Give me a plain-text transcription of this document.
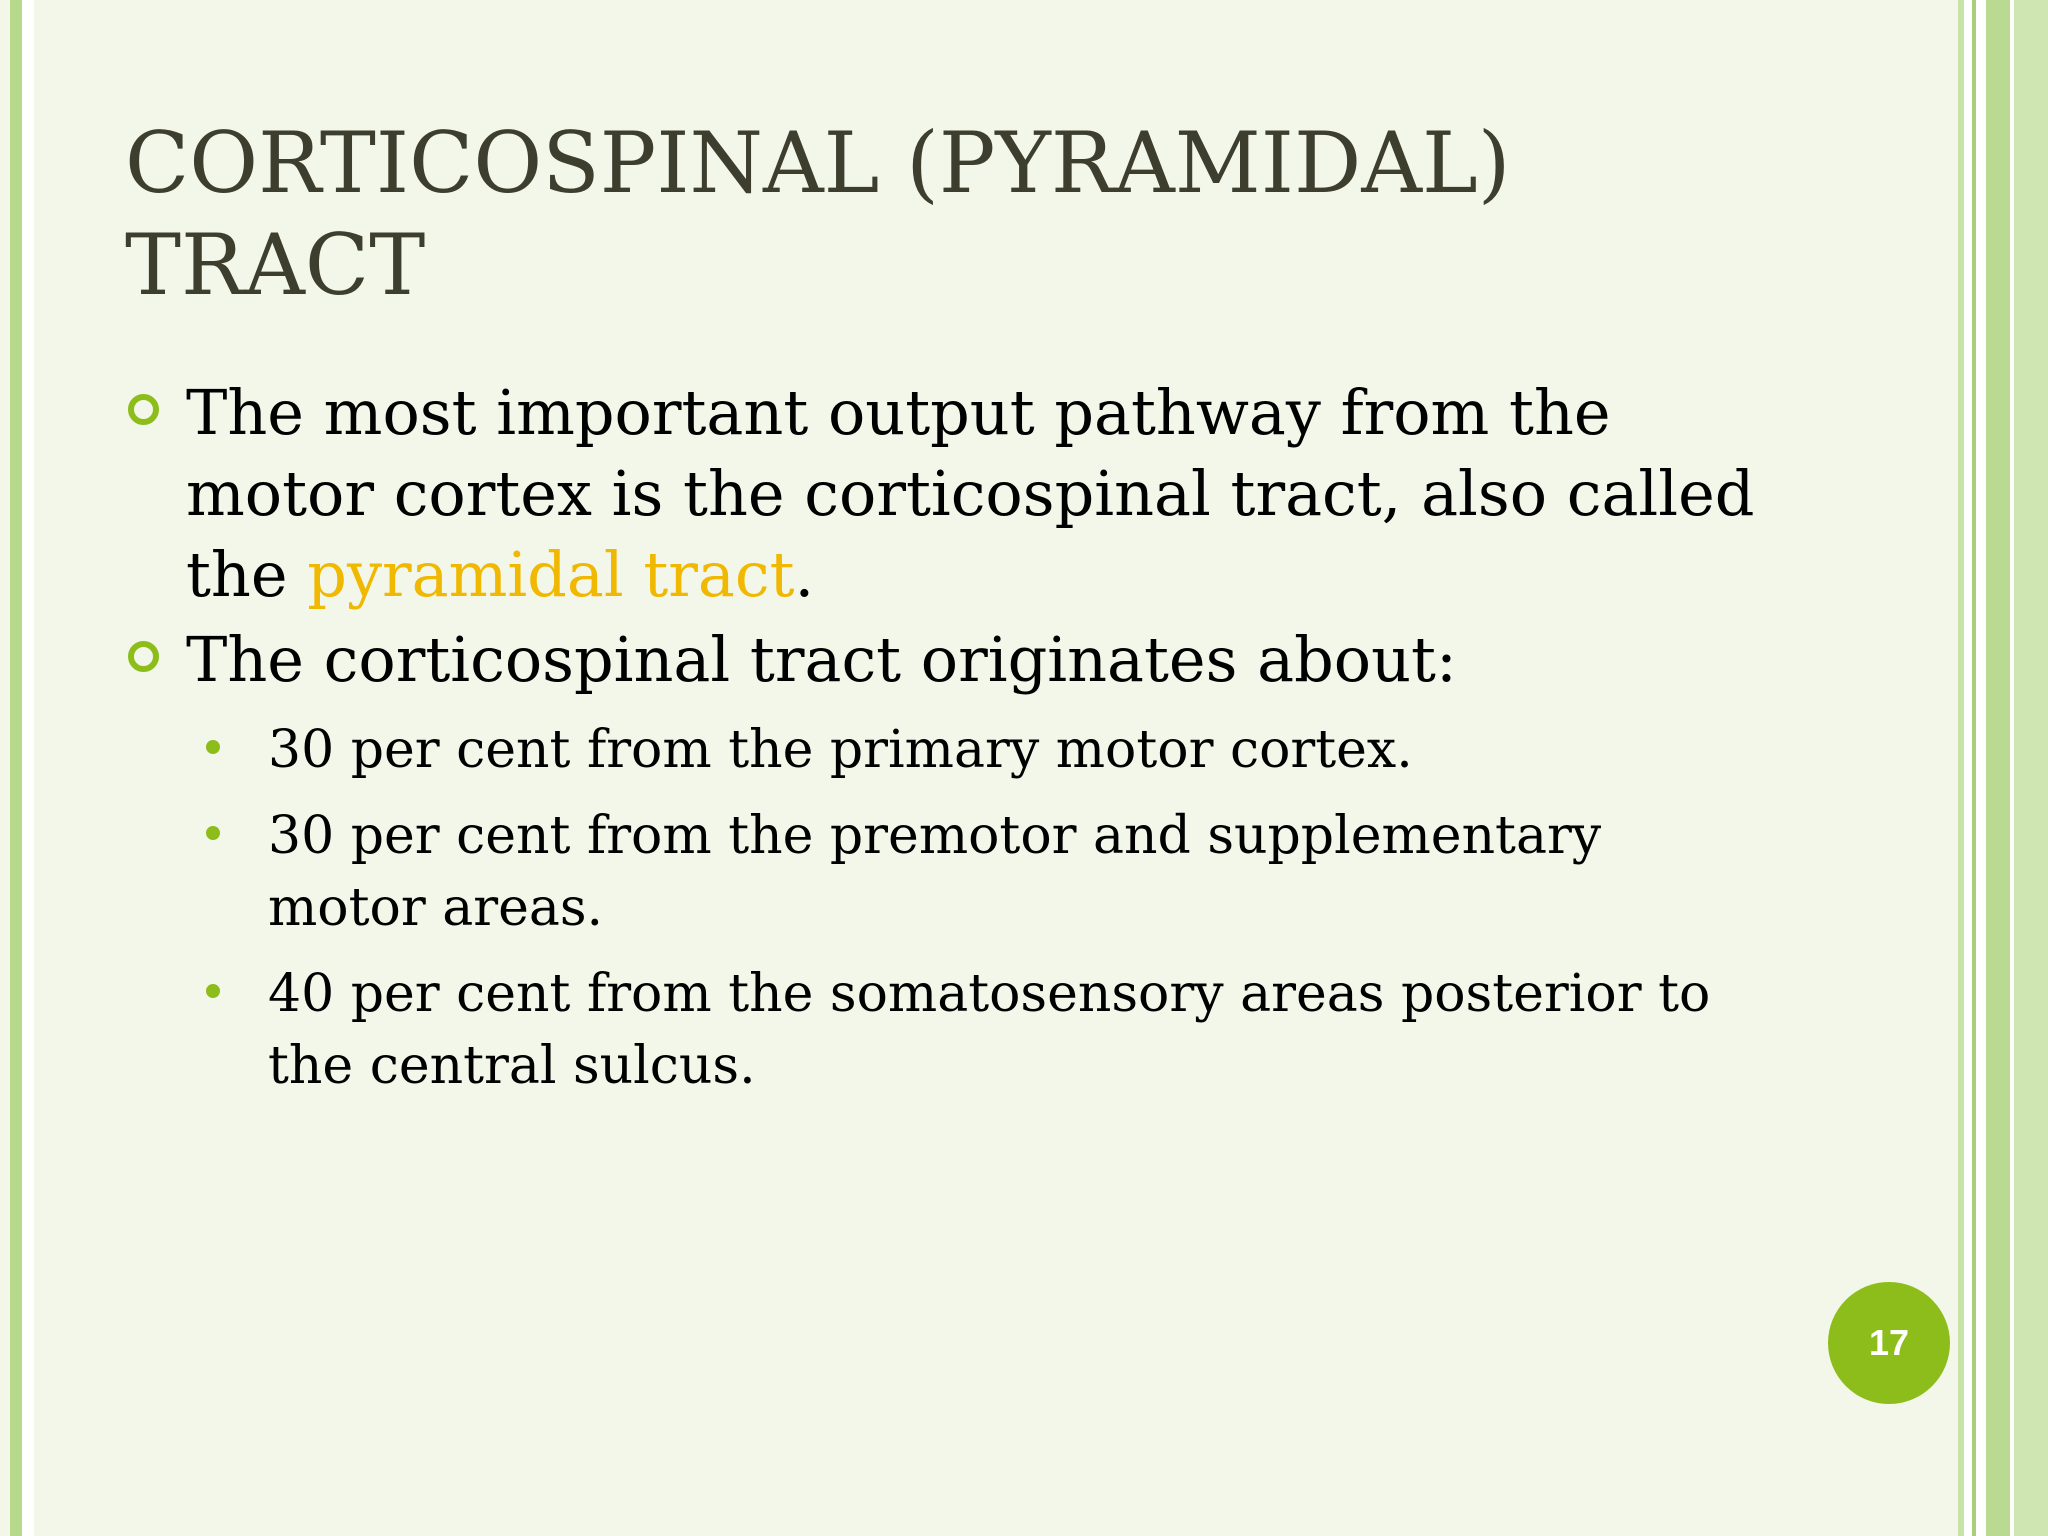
CORTICOSPINAL (PYRAMIDAL)
TRACT
The most important output pathway from the motor cortex is the corticospinal tract, also called the pyramidal tract.
The corticospinal tract originates about:
30 per cent from the primary motor cortex.
30 per cent from the premotor and supplementary motor areas.
40 per cent from the somatosensory areas posterior to the central sulcus.
17
